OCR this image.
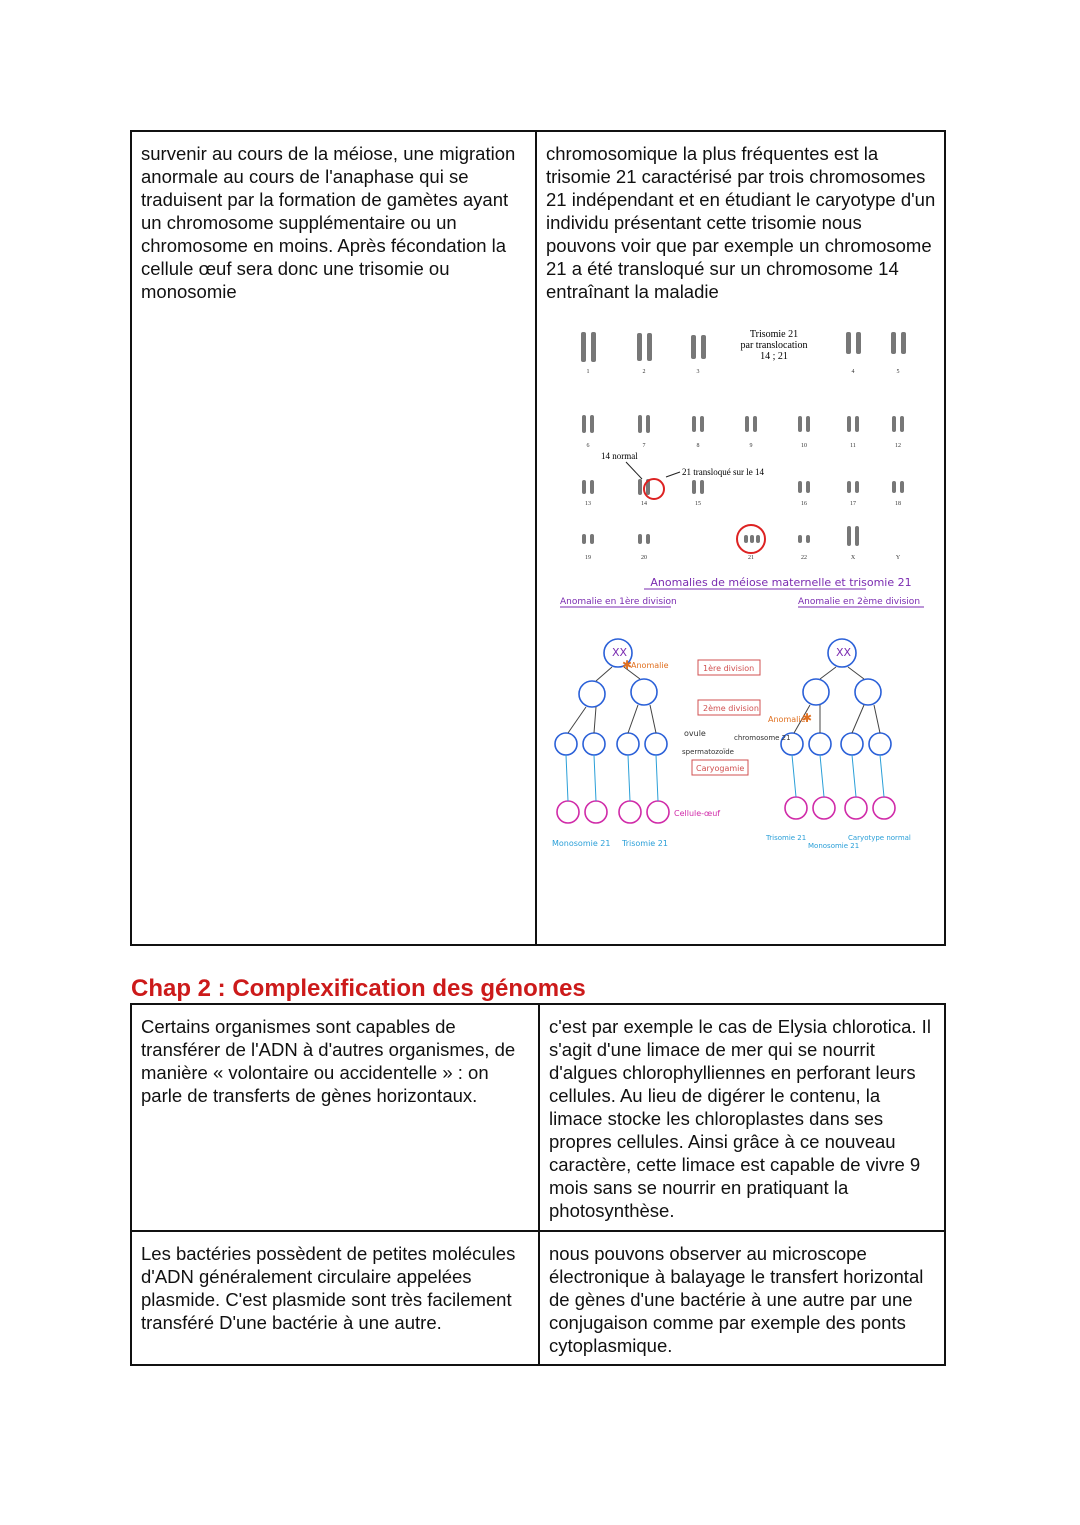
survenir au cours de la méiose, une migration anormale au cours de l'anaphase qui se traduisent par la formation de gamètes ayant un chromosome supplémentaire ou un chromosome en moins. Après fécondation la cellule œuf sera donc une trisomie ou monosomie	
chromosomique la plus fréquentes est la trisomie 21 caractérisé par trois chromosomes 21 indépendant et en étudiant le caryotype d'un individu présentant cette trisomie nous pouvons voir que par exemple un chromosome 21 a été transloqué sur un chromosome 14 entraînant la maladie
Trisomie 21
par translocation
14 ; 21
14 normal
21 transloqué sur le 14
1	2	3	4	5
6	7	8	9	10	11	12
13	14	15	16	17	18
19	20	21	22	X	Y
Anomalies de méiose maternelle et trisomie 21
Anomalie en 1ère division	Anomalie en 2ème division
XX	XX
Anomalie
✱
Anomalie
✱
1ère division
2ème division
ovule
spermatozoïde
chromosome 21
Caryogamie
Cellule-œuf
Monosomie 21 Trisomie 21
Trisomie 21
Monosomie 21
Caryotype normal
Chap 2 : Complexification des génomes
Certains organismes sont capables de transférer de l'ADN à d'autres organismes, de manière « volontaire ou accidentelle » : on parle de transferts de gènes horizontaux.	c'est par exemple le cas de Elysia chlorotica. Il s'agit d'une limace de mer qui se nourrit d'algues chlorophylliennes en perforant leurs cellules. Au lieu de digérer le contenu, la limace stocke les chloroplastes dans ses propres cellules. Ainsi grâce à ce nouveau caractère, cette limace est capable de vivre 9 mois sans se nourrir en pratiquant la photosynthèse.
Les bactéries possèdent de petites molécules d'ADN généralement circulaire appelées plasmide. C'est plasmide sont très facilement transféré D'une bactérie à une autre.	nous pouvons observer au microscope électronique à balayage le transfert horizontal de gènes d'une bactérie à une autre par une conjugaison comme par exemple des ponts cytoplasmique.
